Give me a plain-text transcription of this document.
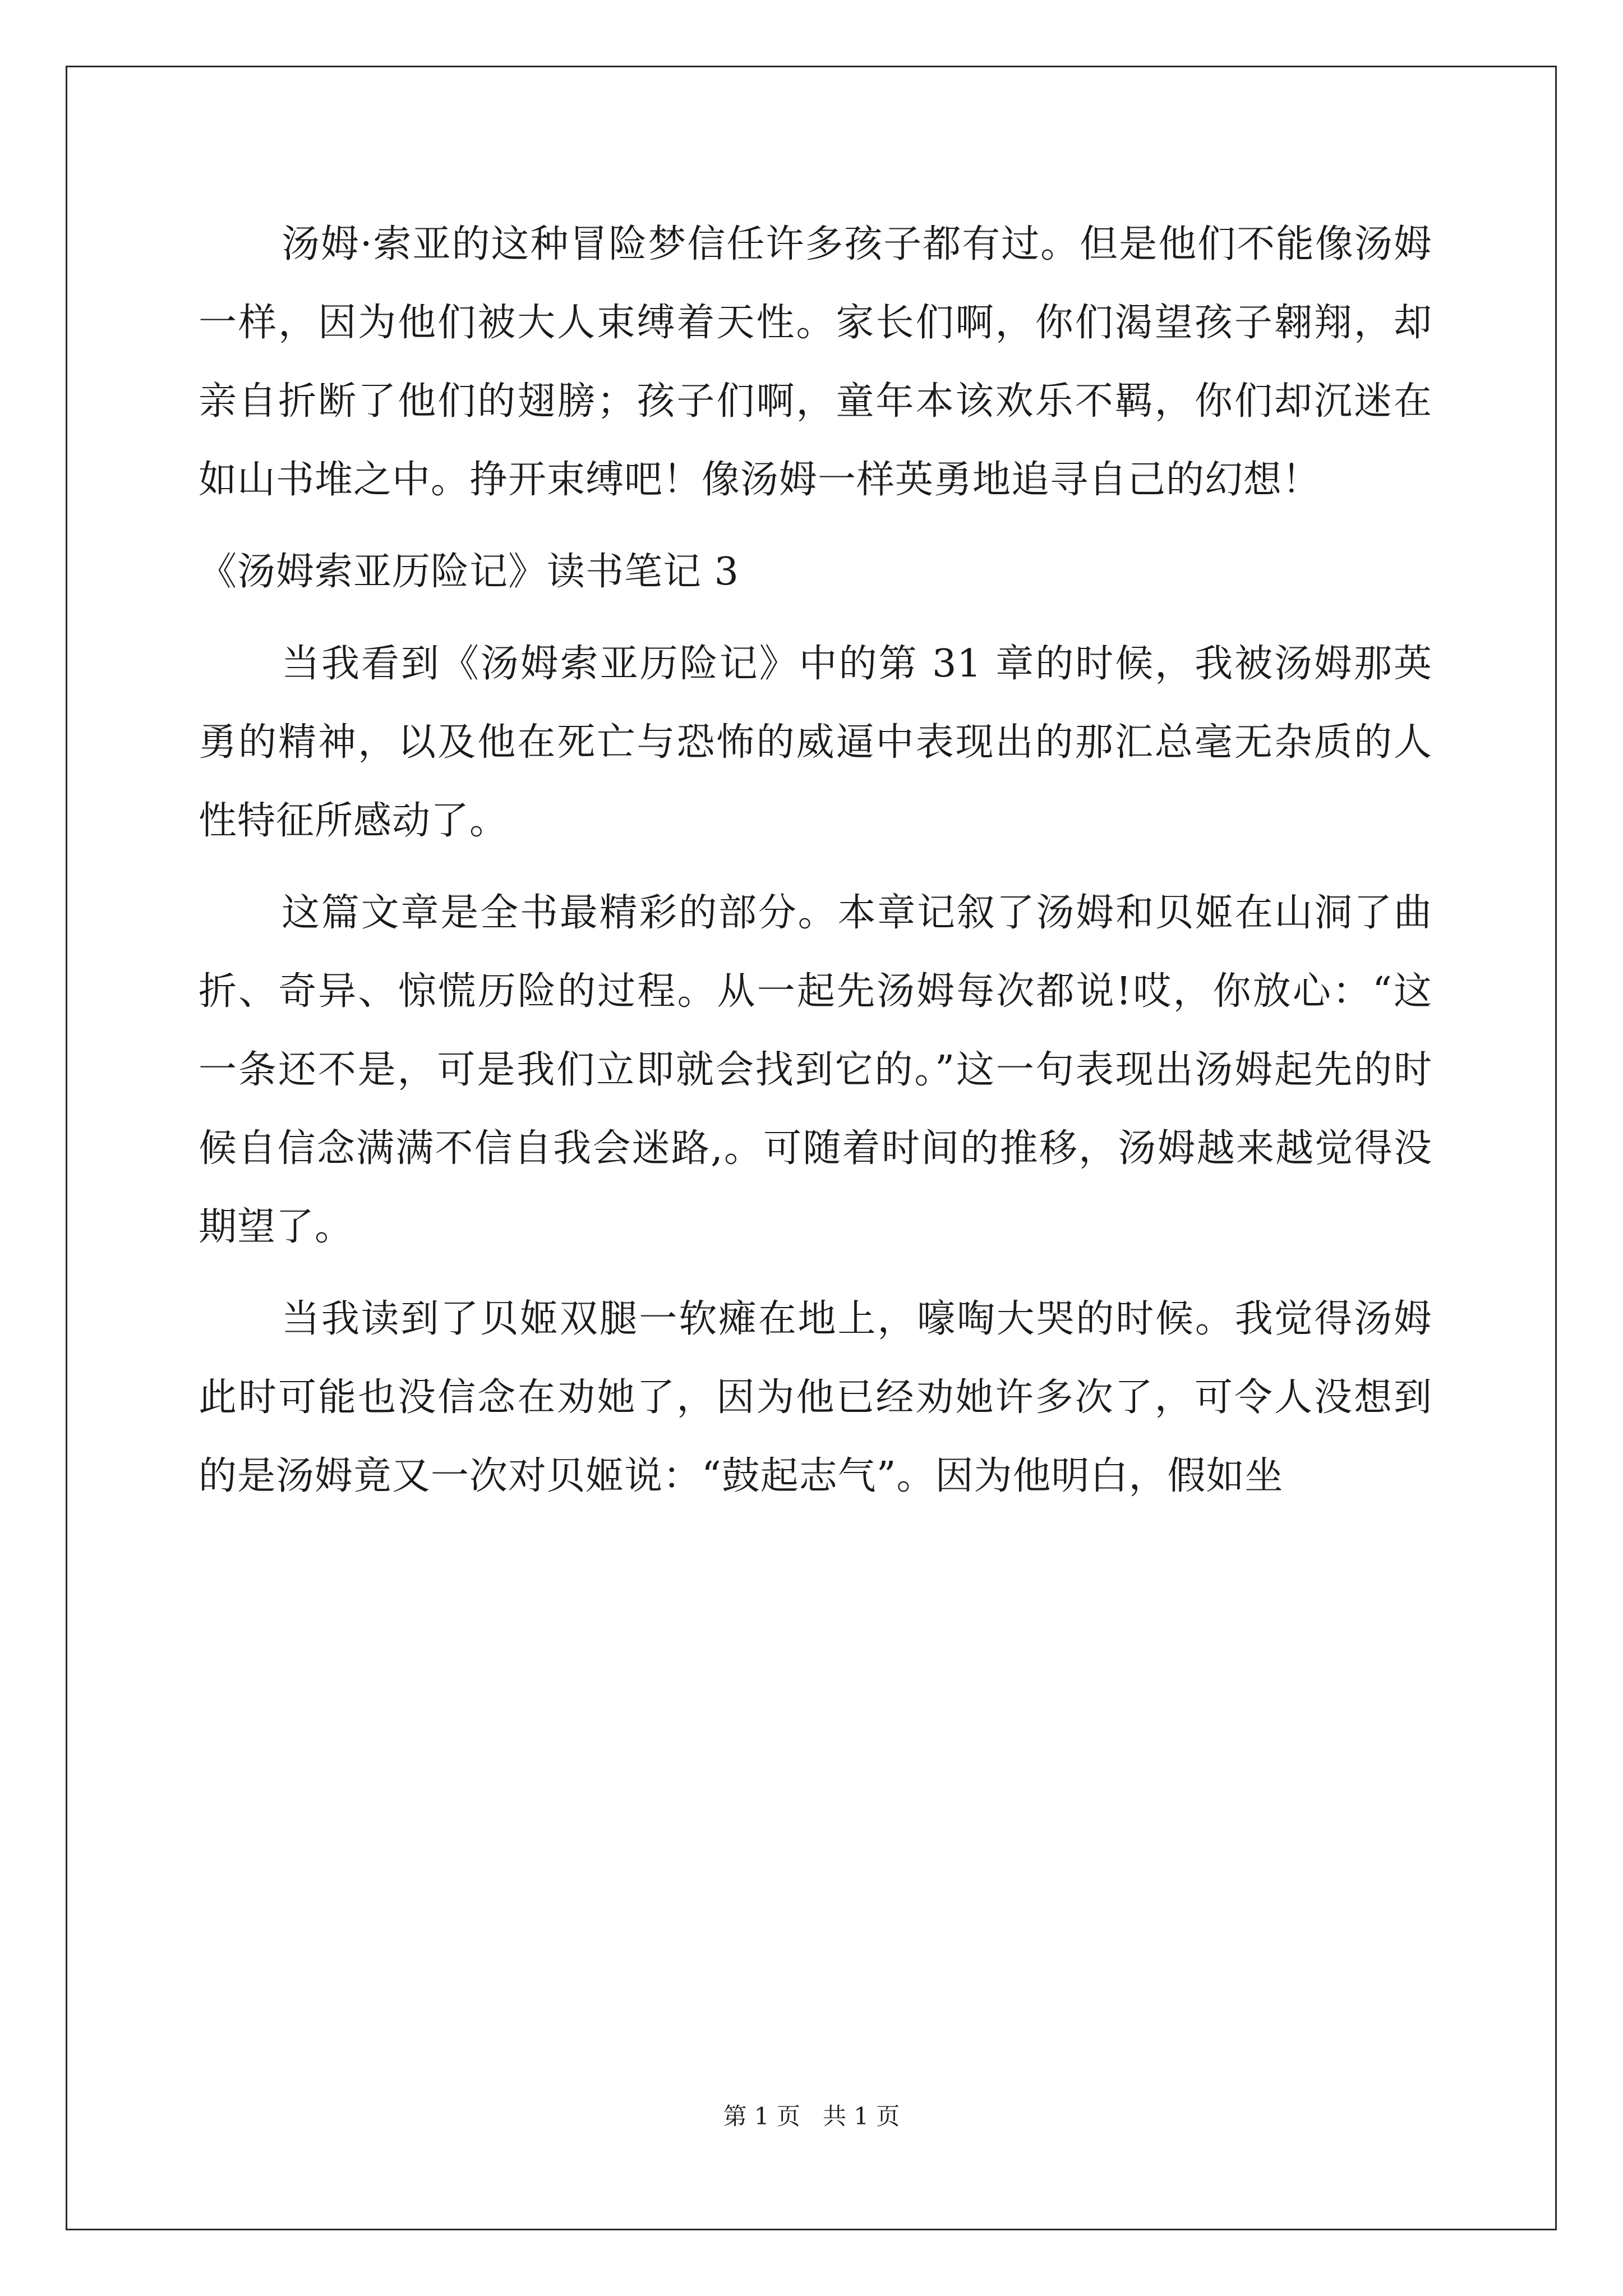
汤姆·索亚的这种冒险梦信任许多孩子都有过。但是他们不能像汤姆一样，因为他们被大人束缚着天性。家长们啊，你们渴望孩子翱翔，却亲自折断了他们的翅膀；孩子们啊，童年本该欢乐不羁，你们却沉迷在如山书堆之中。挣开束缚吧！像汤姆一样英勇地追寻自己的幻想！

《汤姆索亚历险记》读书笔记 3

当我看到《汤姆索亚历险记》中的第 31 章的时候，我被汤姆那英勇的精神，以及他在死亡与恐怖的威逼中表现出的那汇总毫无杂质的人性特征所感动了。

这篇文章是全书最精彩的部分。本章记叙了汤姆和贝姬在山洞了曲折、奇异、惊慌历险的过程。从一起先汤姆每次都说!哎，你放心：“这一条还不是，可是我们立即就会找到它的。”这一句表现出汤姆起先的时候自信念满满不信自我会迷路,。可随着时间的推移，汤姆越来越觉得没期望了。

当我读到了贝姬双腿一软瘫在地上，嚎啕大哭的时候。我觉得汤姆此时可能也没信念在劝她了，因为他已经劝她许多次了，可令人没想到的是汤姆竟又一次对贝姬说：“鼓起志气”。因为他明白，假如坐

第 1 页 共 1 页
